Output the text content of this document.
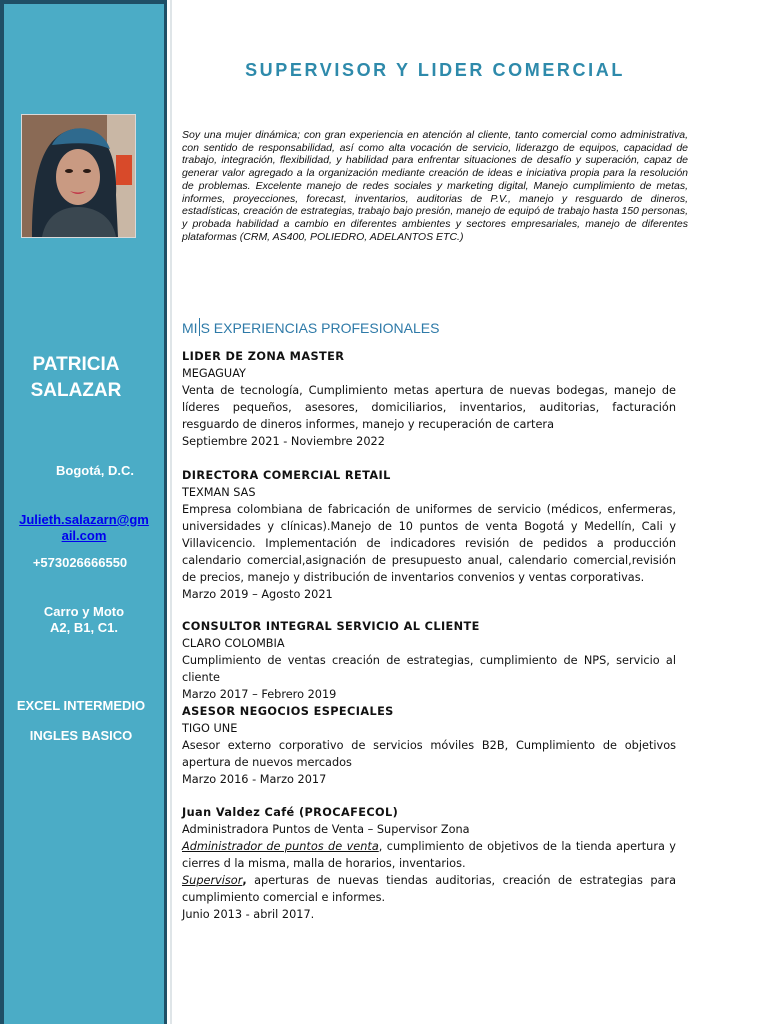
PATRICIA
SALAZAR
Bogotá, D.C.
Julieth.salazarn@gm
ail.com
+573026666550
Carro y Moto
A2, B1, C1.
EXCEL INTERMEDIO
INGLES BASICO
SUPERVISOR Y LIDER COMERCIAL
Soy una mujer dinámica; con gran experiencia en atención al cliente, tanto comercial como administrativa, con sentido de responsabilidad, así como alta vocación de servicio, liderazgo de equipos, capacidad de trabajo, integración, flexibilidad, y habilidad para enfrentar situaciones de desafío y superación, capaz de generar valor agregado a la organización mediante creación de ideas e iniciativa propia para la resolución de problemas. Excelente manejo de redes sociales y marketing digital, Manejo cumplimiento de metas, informes, proyecciones, forecast, inventarios, auditorias de P.V., manejo y resguardo de dineros, estadísticas, creación de estrategias, trabajo bajo presión, manejo de equipó de trabajo hasta 150 personas, y probada habilidad a cambio en diferentes ambientes y sectores empresariales, manejo de diferentes plataformas (CRM, AS400, POLIEDRO, ADELANTOS ETC.)
MI S EXPERIENCIAS PROFESIONALES
LIDER DE ZONA MASTER
MEGAGUAY
Venta de tecnología, Cumplimiento metas apertura de nuevas bodegas, manejo de líderes pequeños, asesores, domiciliarios, inventarios, auditorias, facturación resguardo de dineros informes, manejo y recuperación de cartera
Septiembre 2021 - Noviembre 2022
DIRECTORA COMERCIAL RETAIL
TEXMAN SAS
Empresa colombiana de fabricación de uniformes de servicio (médicos, enfermeras, universidades y clínicas).Manejo de 10 puntos de venta Bogotá y Medellín, Cali y Villavicencio. Implementación de indicadores revisión de pedidos a producción calendario comercial,asignación de presupuesto anual, calendario comercial,revisión de precios, manejo y distribución de inventarios convenios y ventas corporativas.
Marzo 2019 – Agosto 2021
CONSULTOR INTEGRAL SERVICIO AL CLIENTE
CLARO COLOMBIA
Cumplimiento de ventas creación de estrategias, cumplimiento de NPS, servicio al cliente
Marzo 2017 – Febrero 2019
ASESOR NEGOCIOS ESPECIALES
TIGO UNE
Asesor externo corporativo de servicios móviles B2B, Cumplimiento de objetivos apertura de nuevos mercados
Marzo 2016 - Marzo 2017
Juan Valdez Café (PROCAFECOL)
Administradora Puntos de Venta – Supervisor Zona
Administrador de puntos de venta, cumplimiento de objetivos de la tienda apertura y cierres d la misma, malla de horarios, inventarios.
Supervisor, aperturas de nuevas tiendas auditorias, creación de estrategias para cumplimiento comercial e informes.
Junio 2013 - abril 2017.
